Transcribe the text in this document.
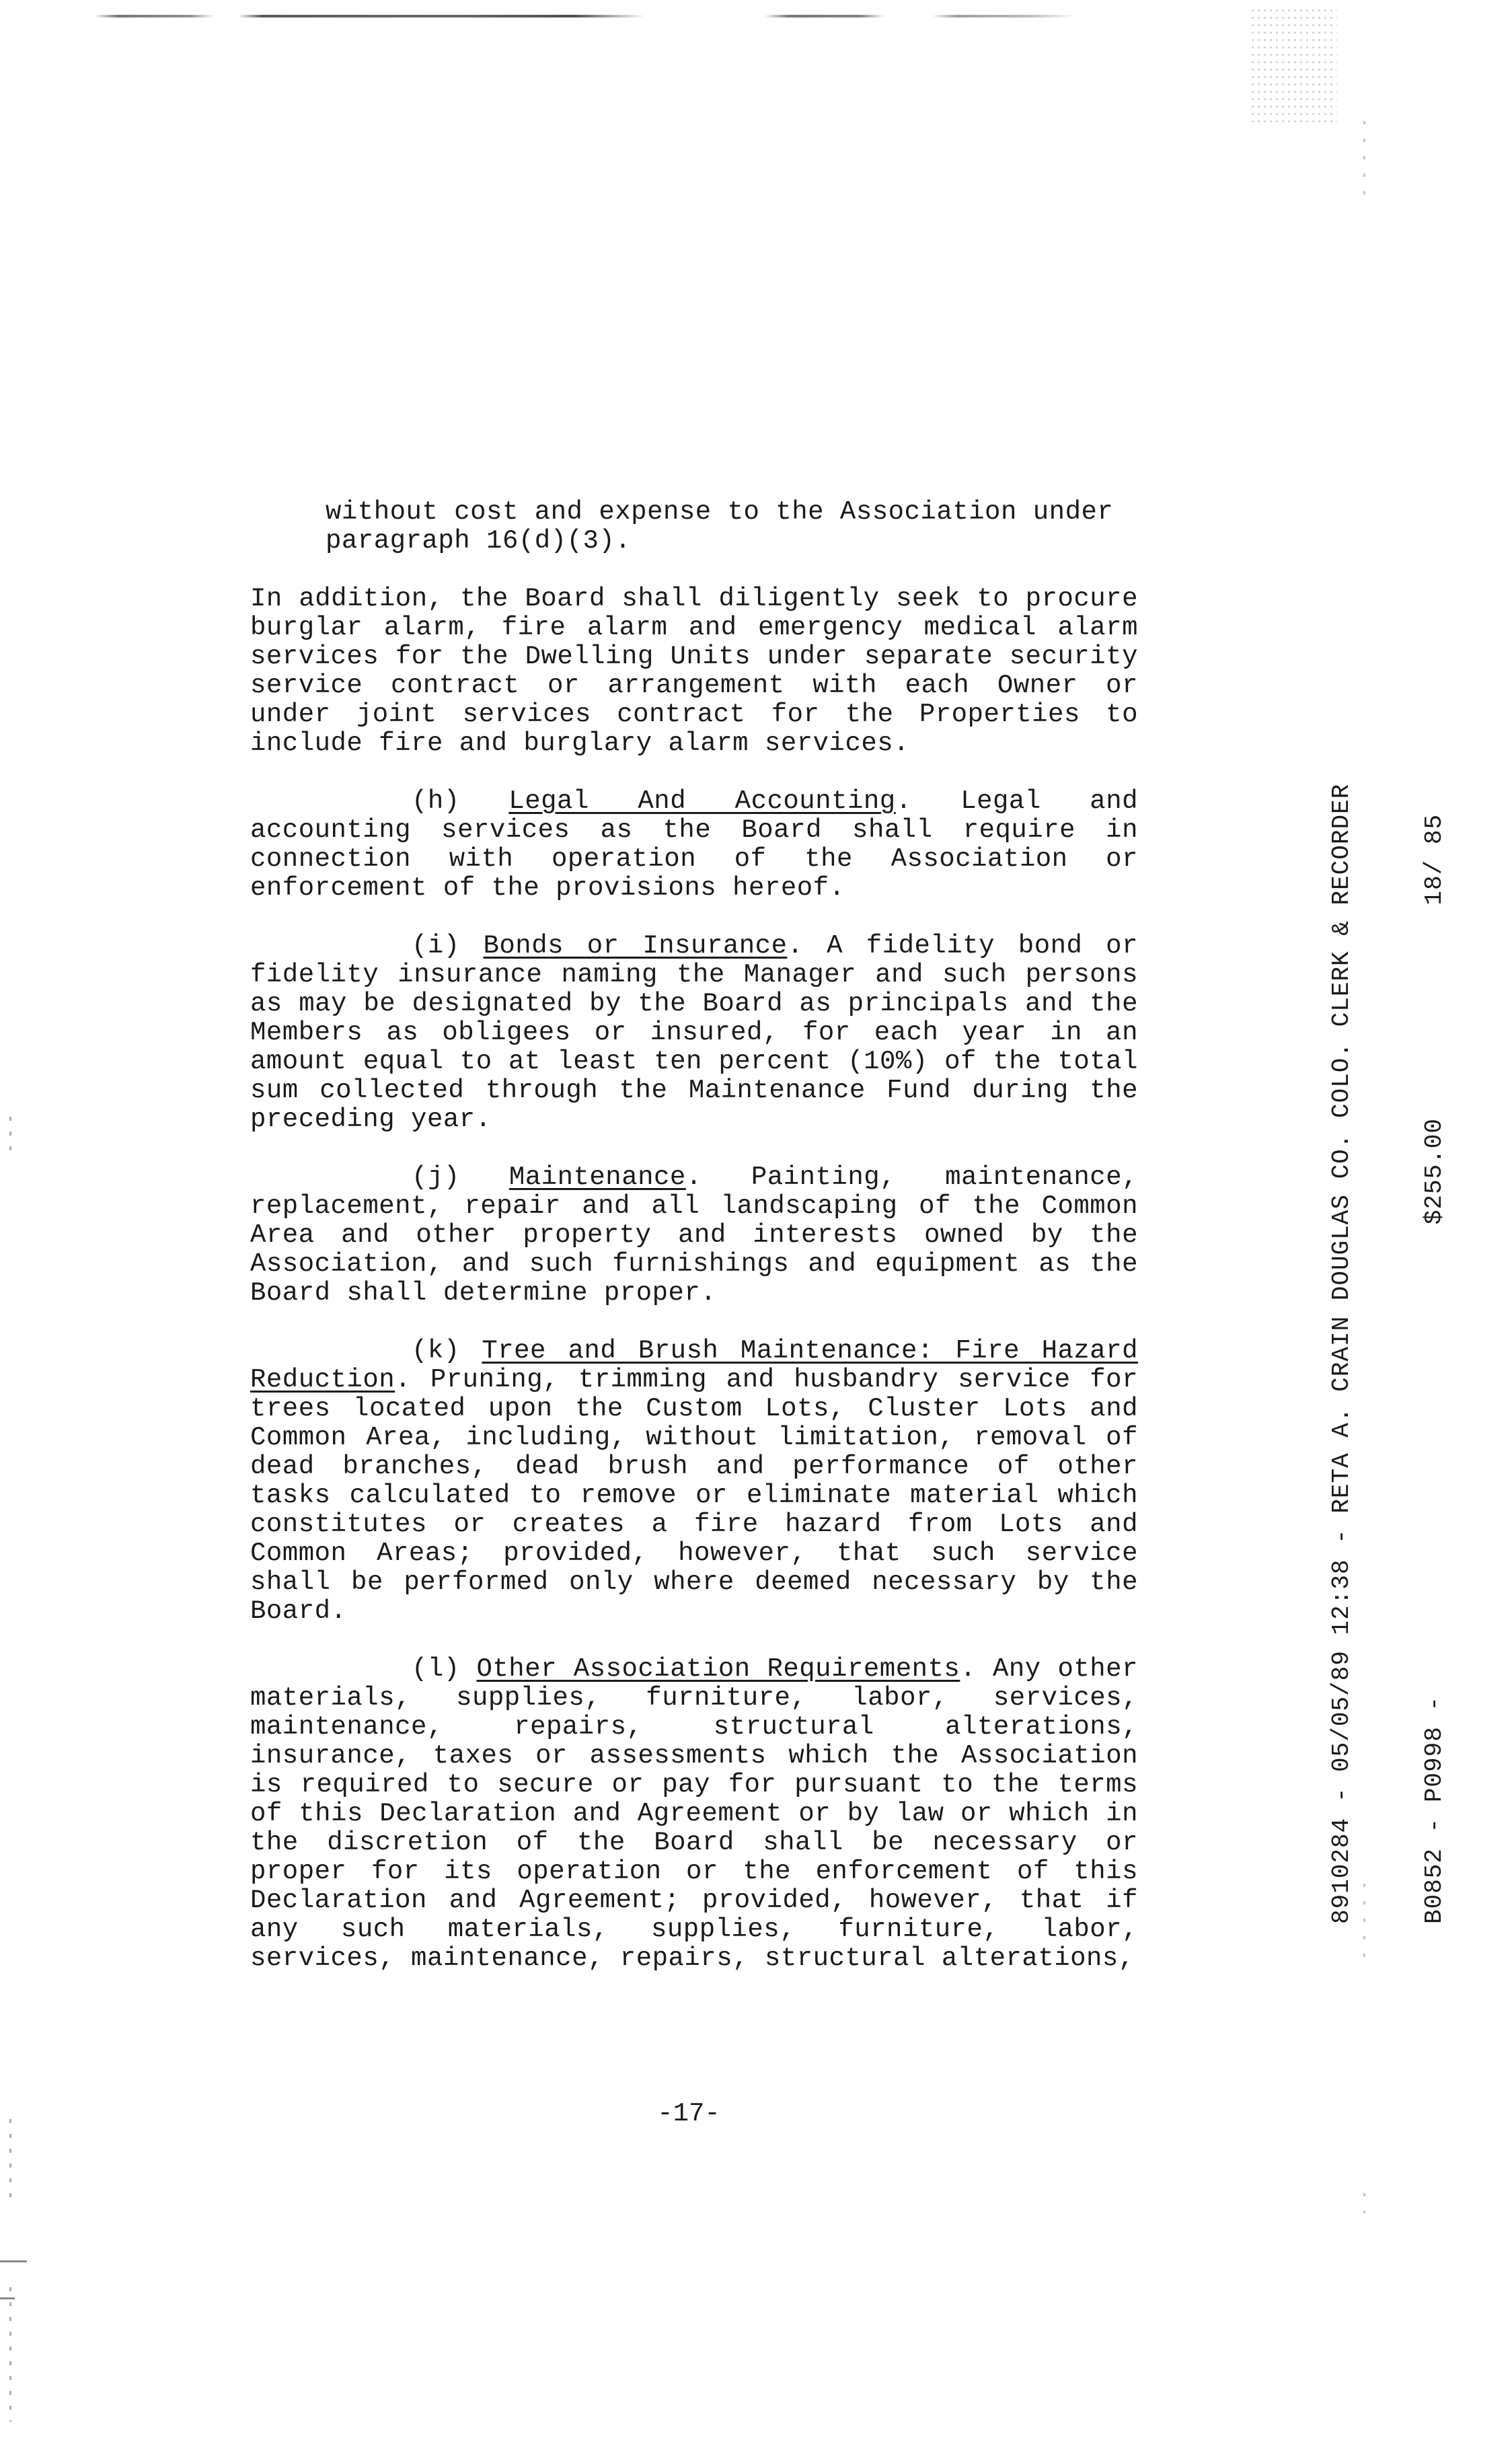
without cost and expense to the Association under paragraph 16(d)(3).

In addition, the Board shall diligently seek to procure burglar alarm, fire alarm and emergency medical alarm services for the Dwelling Units under separate security service contract or arrangement with each Owner or under joint services contract for the Properties to include fire and burglary alarm services.

(h) Legal And Accounting. Legal and accounting services as the Board shall require in connection with operation of the Association or enforcement of the provisions hereof.

(i) Bonds or Insurance. A fidelity bond or fidelity insurance naming the Manager and such persons as may be designated by the Board as principals and the Members as obligees or insured, for each year in an amount equal to at least ten percent (10%) of the total sum collected through the Maintenance Fund during the preceding year.

(j) Maintenance. Painting, maintenance, replacement, repair and all landscaping of the Common Area and other property and interests owned by the Association, and such furnishings and equipment as the Board shall determine proper.

(k) Tree and Brush Maintenance: Fire Hazard Reduction. Pruning, trimming and husbandry service for trees located upon the Custom Lots, Cluster Lots and Common Area, including, without limitation, removal of dead branches, dead brush and performance of other tasks calculated to remove or eliminate material which constitutes or creates a fire hazard from Lots and Common Areas; provided, however, that such service shall be performed only where deemed necessary by the Board.

(l) Other Association Requirements. Any other materials, supplies, furniture, labor, services, maintenance, repairs, structural alterations, insurance, taxes or assessments which the Association is required to secure or pay for pursuant to the terms of this Declaration and Agreement or by law or which in the discretion of the Board shall be necessary or proper for its operation or the enforcement of this Declaration and Agreement; provided, however, that if any such materials, supplies, furniture, labor, services, maintenance, repairs, structural alterations,

-17-

8910284 - 05/05/89 12:38 - RETA A. CRAIN DOUGLAS CO. COLO. CLERK & RECORDER

	B0852 - P0998 -                               $255.00              18/ 85
